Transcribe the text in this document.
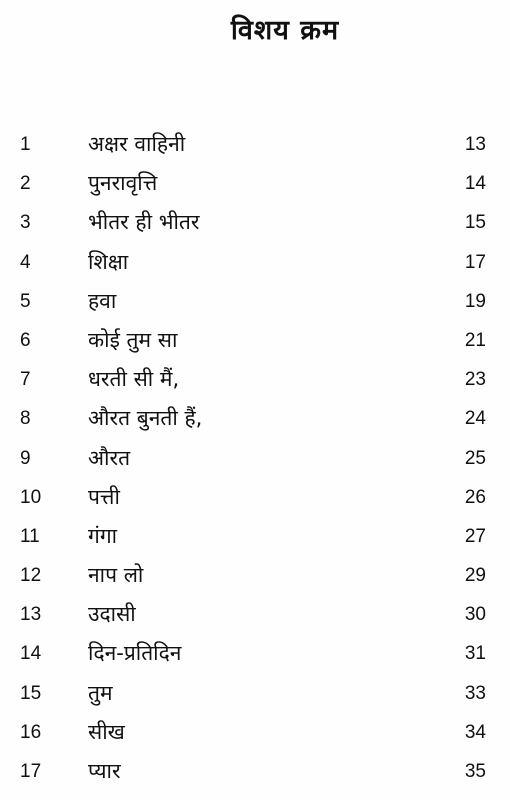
विशय क्रम
1	अक्षर वाहिनी	13
2	पुनरावृत्ति	14
3	भीतर ही भीतर	15
4	शिक्षा	17
5	हवा	19
6	कोई तुम सा	21
7	धरती सी मैं,	23
8	औरत बुनती हैं,	24
9	औरत	25
10 पत्ती	26
11 गंगा	27
12 नाप लो	29
13 उदासी	30
14 दिन-प्रतिदिन	31
15 तुम	33
16 सीख	34
17 प्यार	35
